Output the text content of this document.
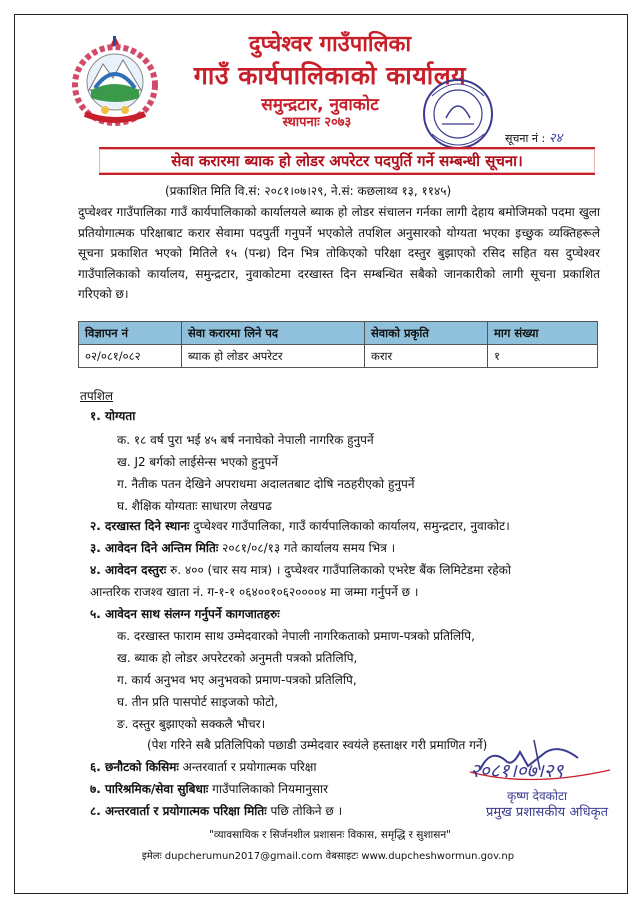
दुप्चेश्वर गाउँपालिका
गाउँ कार्यपालिकाको कार्यालय
समुन्द्रटार, नुवाकोट
स्थापनाः २०७३
सूचना नं : २४
सेवा करारमा ब्याक हो लोडर अपरेटर पदपुर्ति गर्ने सम्बन्धी सूचना।
(प्रकाशित मिति वि.सं: २०८१।०७।२९, ने.सं: कछलाथ्व १३, ११४५)
दुप्चेश्वर गाउँपालिका गाउँ कार्यपालिकाको कार्यालयले ब्याक हो लोडर संचालन गर्नका लागी देहाय बमोजिमको पदमा खुला प्रतियोगात्मक परिक्षाबाट करार सेवामा पदपुर्ती गनुपर्ने भएकोले तपशिल अनुसारको योग्यता भएका इच्छुक व्यक्तिहरूले सूचना प्रकाशित भएको मितिले १५ (पन्ध्र) दिन भित्र तोकिएको परिक्षा दस्तुर बुझाएको रसिद सहित यस दुप्चेश्वर गाउँपालिकाको कार्यालय, समुन्द्रटार, नुवाकोटमा दरखास्त दिन सम्बन्धित सबैको जानकारीको लागी सूचना प्रकाशित गरिएको छ।
विज्ञापन नं	सेवा करारमा लिने पद	सेवाको प्रकृति	माग संख्या
०२/०८१/०८२	ब्याक हो लोडर अपरेटर	करार	१
तपशिल
१. योग्यता
क. १८ वर्ष पुरा भई ४५ बर्ष ननाघेको नेपाली नागरिक हुनुपर्ने
ख. J2 बर्गको लाईसेन्स भएको हुनुपर्ने
ग. नैतीक पतन देखिने अपराधमा अदालतबाट दोषि नठहरीएको हुनुपर्ने
घ. शैक्षिक योग्यताः साधारण लेखपढ
२. दरखास्त दिने स्थानः दुप्चेश्वर गाउँपालिका, गाउँ कार्यपालिकाको कार्यालय, समुन्द्रटार, नुवाकोट।
३. आवेदन दिने अन्तिम मितिः २०८१/०८/१३ गते कार्यालय समय भित्र ।
४. आवेदन दस्तुरः रु. ४०० (चार सय मात्र) । दुप्चेश्वर गाउँपालिकाको एभरेष्ट बैंक लिमिटेडमा रहेको
आन्तरिक राजश्व खाता नं. ग-१-१ ०६४००१०६२००००४ मा जम्मा गर्नुपर्ने छ ।
५. आवेदन साथ संलग्न गर्नुपर्ने कागजातहरुः
क. दरखास्त फाराम साथ उम्मेदवारको नेपाली नागरिकताको प्रमाण-पत्रको प्रतिलिपि,
ख. ब्याक हो लोडर अपरेटरको अनुमती पत्रको प्रतिलिपि,
ग. कार्य अनुभव भए अनुभवको प्रमाण-पत्रको प्रतिलिपि,
घ. तीन प्रति पासपोर्ट साइजको फोटो,
ङ. दस्तुर बुझाएको सक्कलै भौचर।
(पेश गरिने सबै प्रतिलिपिको पछाडी उम्मेदवार स्वयंले हस्ताक्षर गरी प्रमाणित गर्ने)
६. छनौटको किसिमः अन्तरवार्ता र प्रयोगात्मक परिक्षा
७. पारिश्रमिक/सेवा सुबिधाः गाउँपालिकाको नियमानुसार
८. अन्तरवार्ता र प्रयोगात्मक परिक्षा मितिः पछि तोकिने छ ।
२०८१।०७।२९
कृष्ण देवकोटा
प्रमुख प्रशासकीय अधिकृत
"व्यावसायिक र सिर्जनशील प्रशासनः विकास, समृद्धि र सुशासन"
इमेलः dupcherumun2017@gmail.com वेबसाइटः www.dupcheshwormun.gov.np
